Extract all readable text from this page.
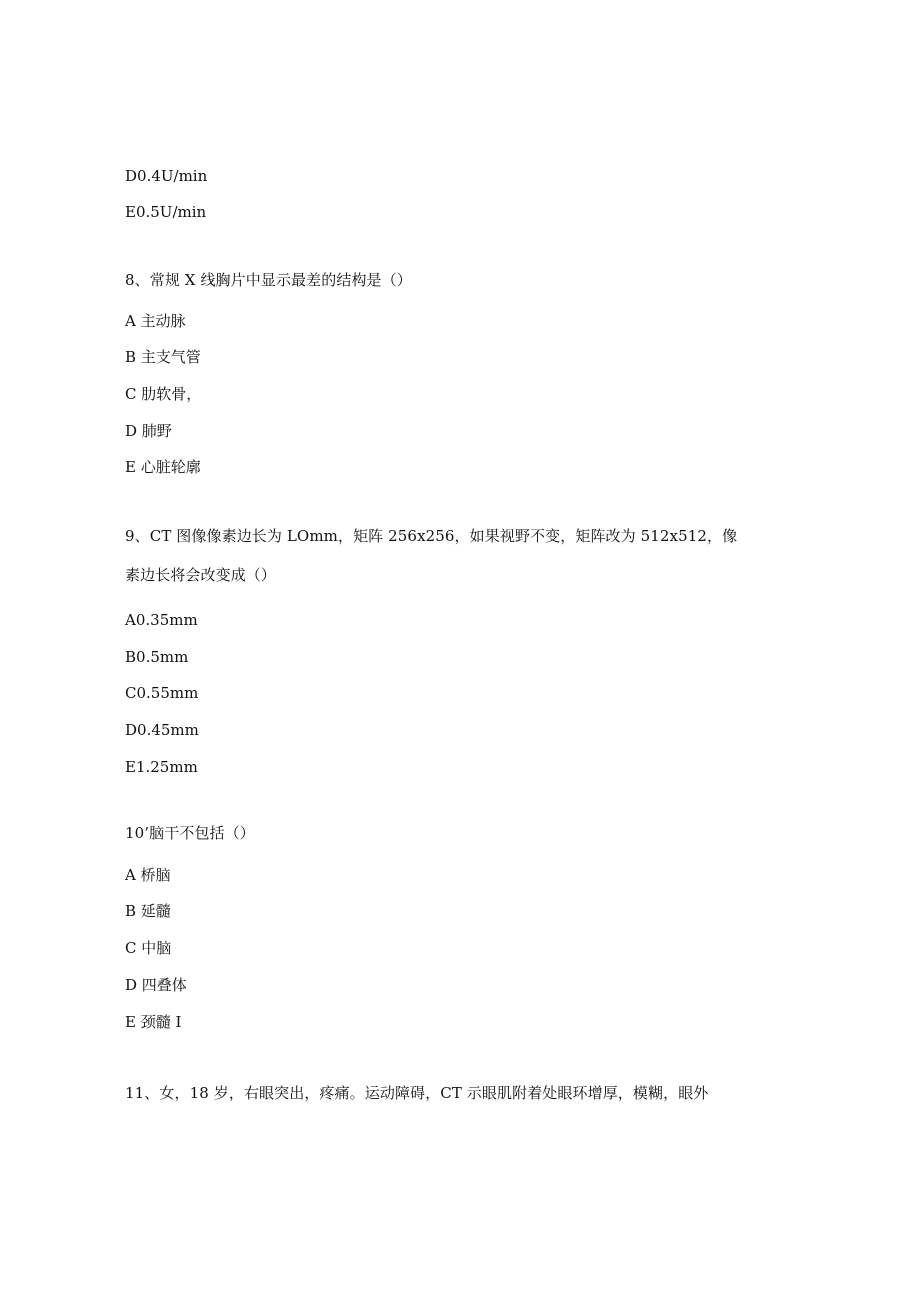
D0.4U/min
E0.5U/min
8、常规 X 线胸片中显示最差的结构是（）
A 主动脉
B 主支气管
C 肋软骨，
D 肺野
E 心脏轮廓
9、CT 图像像素边长为 LOmm，矩阵 256x256，如果视野不变，矩阵改为 512x512，像
素边长将会改变成（）
A0.35mm
B0.5mm
C0.55mm
D0.45mm
E1.25mm
10’脑干不包括（）
A 桥脑
B 延髓
C 中脑
D 四叠体
E 颈髓 I
11、女，18 岁，右眼突出，疼痛。运动障碍，CT 示眼肌附着处眼环增厚，模糊，眼外
